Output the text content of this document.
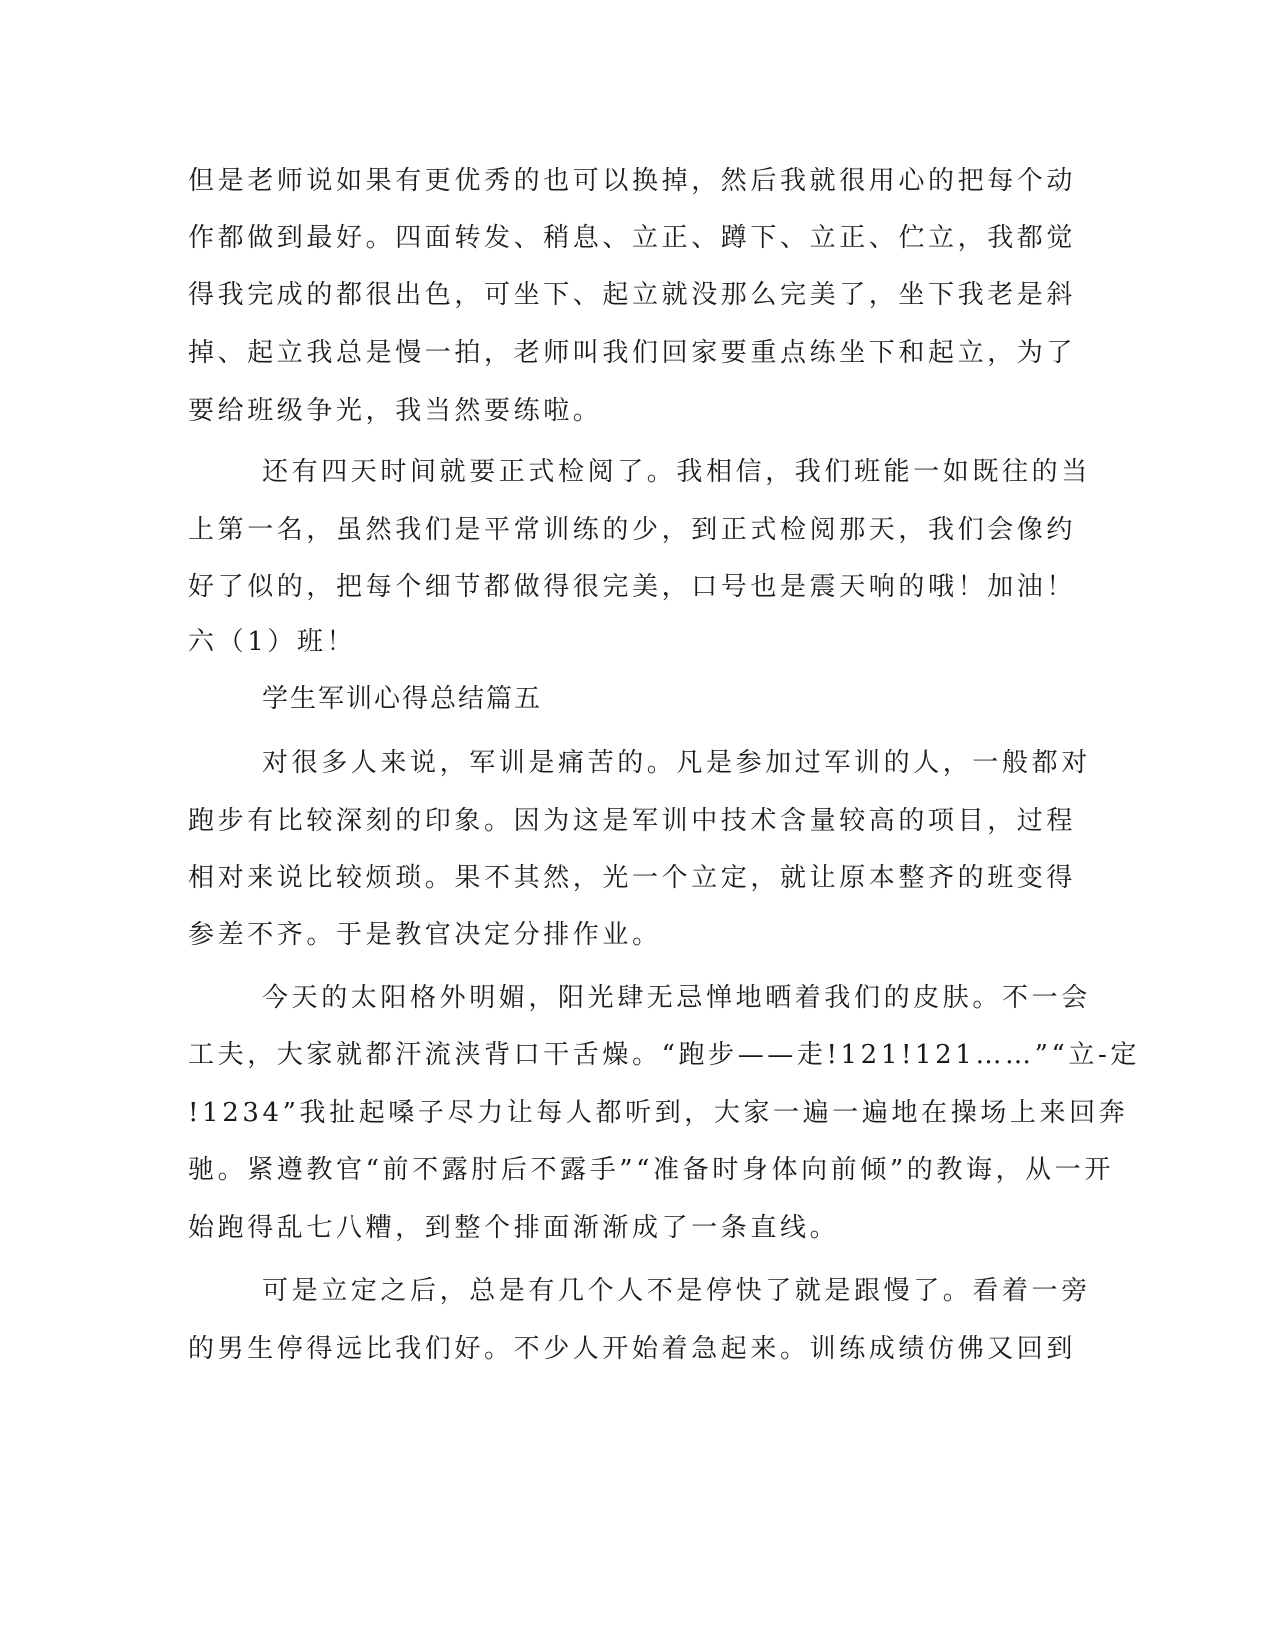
但是老师说如果有更优秀的也可以换掉，然后我就很用心的把每个动
作都做到最好。四面转发、稍息、立正、蹲下、立正、伫立，我都觉
得我完成的都很出色，可坐下、起立就没那么完美了，坐下我老是斜
掉、起立我总是慢一拍，老师叫我们回家要重点练坐下和起立，为了
要给班级争光，我当然要练啦。
还有四天时间就要正式检阅了。我相信，我们班能一如既往的当
上第一名，虽然我们是平常训练的少，到正式检阅那天，我们会像约
好了似的，把每个细节都做得很完美，口号也是震天响的哦！加油！
六（1）班！
学生军训心得总结篇五
对很多人来说，军训是痛苦的。凡是参加过军训的人，一般都对
跑步有比较深刻的印象。因为这是军训中技术含量较高的项目，过程
相对来说比较烦琐。果不其然，光一个立定，就让原本整齐的班变得
参差不齐。于是教官决定分排作业。
今天的太阳格外明媚，阳光肆无忌惮地晒着我们的皮肤。不一会
工夫，大家就都汗流浃背口干舌燥。“跑步——走!121!121……”“立-定
!1234”我扯起嗓子尽力让每人都听到，大家一遍一遍地在操场上来回奔
驰。紧遵教官“前不露肘后不露手”“准备时身体向前倾”的教诲，从一开
始跑得乱七八糟，到整个排面渐渐成了一条直线。
可是立定之后，总是有几个人不是停快了就是跟慢了。看着一旁
的男生停得远比我们好。不少人开始着急起来。训练成绩仿佛又回到
